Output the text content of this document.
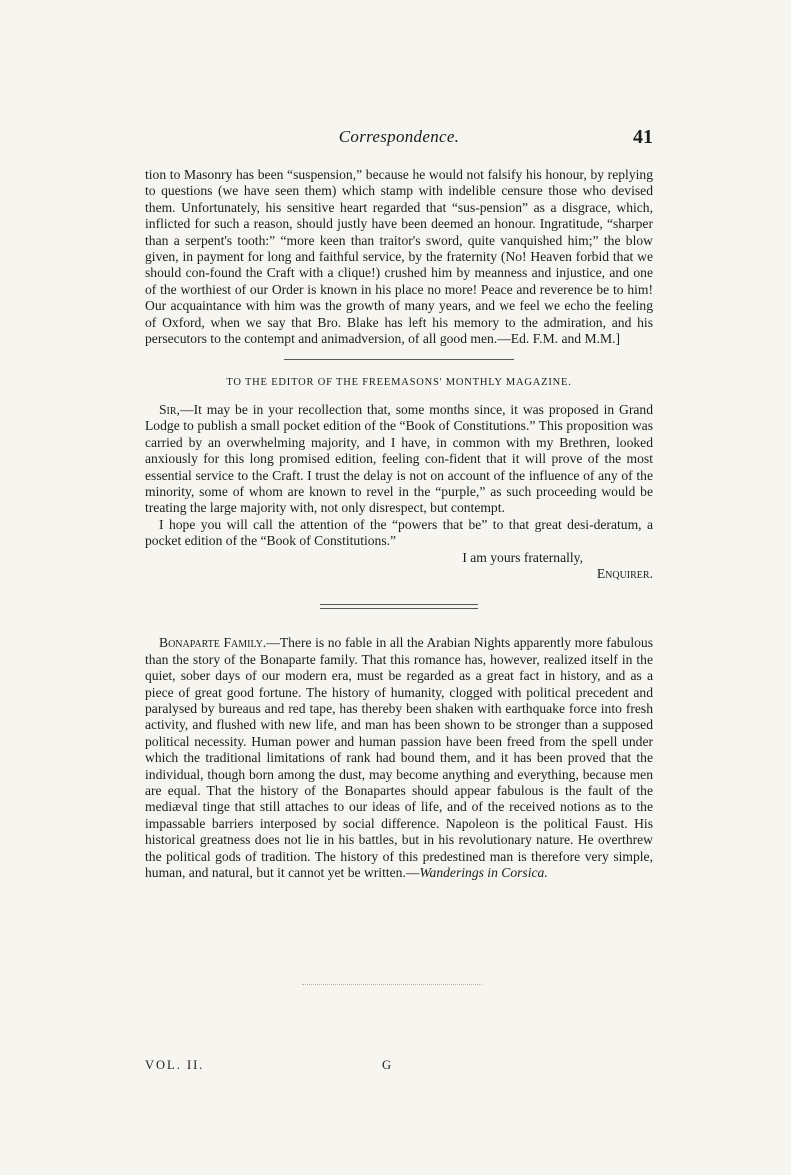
Correspondence.	41

tion to Masonry has been “suspension,” because he would not falsify his honour, by replying to questions (we have seen them) which stamp with indelible censure those who devised them. Unfortunately, his sensitive heart regarded that “sus-pension” as a disgrace, which, inflicted for such a reason, should justly have been deemed an honour. Ingratitude, “sharper than a serpent's tooth:” “more keen than traitor's sword, quite vanquished him;” the blow given, in payment for long and faithful service, by the fraternity (No! Heaven forbid that we should con-found the Craft with a clique!) crushed him by meanness and injustice, and one of the worthiest of our Order is known in his place no more! Peace and reverence be to him! Our acquaintance with him was the growth of many years, and we feel we echo the feeling of Oxford, when we say that Bro. Blake has left his memory to the admiration, and his persecutors to the contempt and animadversion, of all good men.—Ed. F.M. and M.M.]

TO THE EDITOR OF THE FREEMASONS' MONTHLY MAGAZINE.

Sir,—It may be in your recollection that, some months since, it was proposed in Grand Lodge to publish a small pocket edition of the “Book of Constitutions.” This proposition was carried by an overwhelming majority, and I have, in common with my Brethren, looked anxiously for this long promised edition, feeling con-fident that it will prove of the most essential service to the Craft. I trust the delay is not on account of the influence of any of the minority, some of whom are known to revel in the “purple,” as such proceeding would be treating the large majority with, not only disrespect, but contempt.

I hope you will call the attention of the “powers that be” to that great desi-deratum, a pocket edition of the “Book of Constitutions.”

I am yours fraternally,
Enquirer.

Bonaparte Family.—There is no fable in all the Arabian Nights apparently more fabulous than the story of the Bonaparte family. That this romance has, however, realized itself in the quiet, sober days of our modern era, must be regarded as a great fact in history, and as a piece of great good fortune. The history of humanity, clogged with political precedent and paralysed by bureaus and red tape, has thereby been shaken with earthquake force into fresh activity, and flushed with new life, and man has been shown to be stronger than a supposed political necessity. Human power and human passion have been freed from the spell under which the traditional limitations of rank had bound them, and it has been proved that the individual, though born among the dust, may become anything and everything, because men are equal. That the history of the Bonapartes should appear fabulous is the fault of the mediæval tinge that still attaches to our ideas of life, and of the received notions as to the impassable barriers interposed by social difference. Napoleon is the political Faust. His historical greatness does not lie in his battles, but in his revolutionary nature. He overthrew the political gods of tradition. The history of this predestined man is therefore very simple, human, and natural, but it cannot yet be written.—Wanderings in Corsica.

VOL. II.	G
